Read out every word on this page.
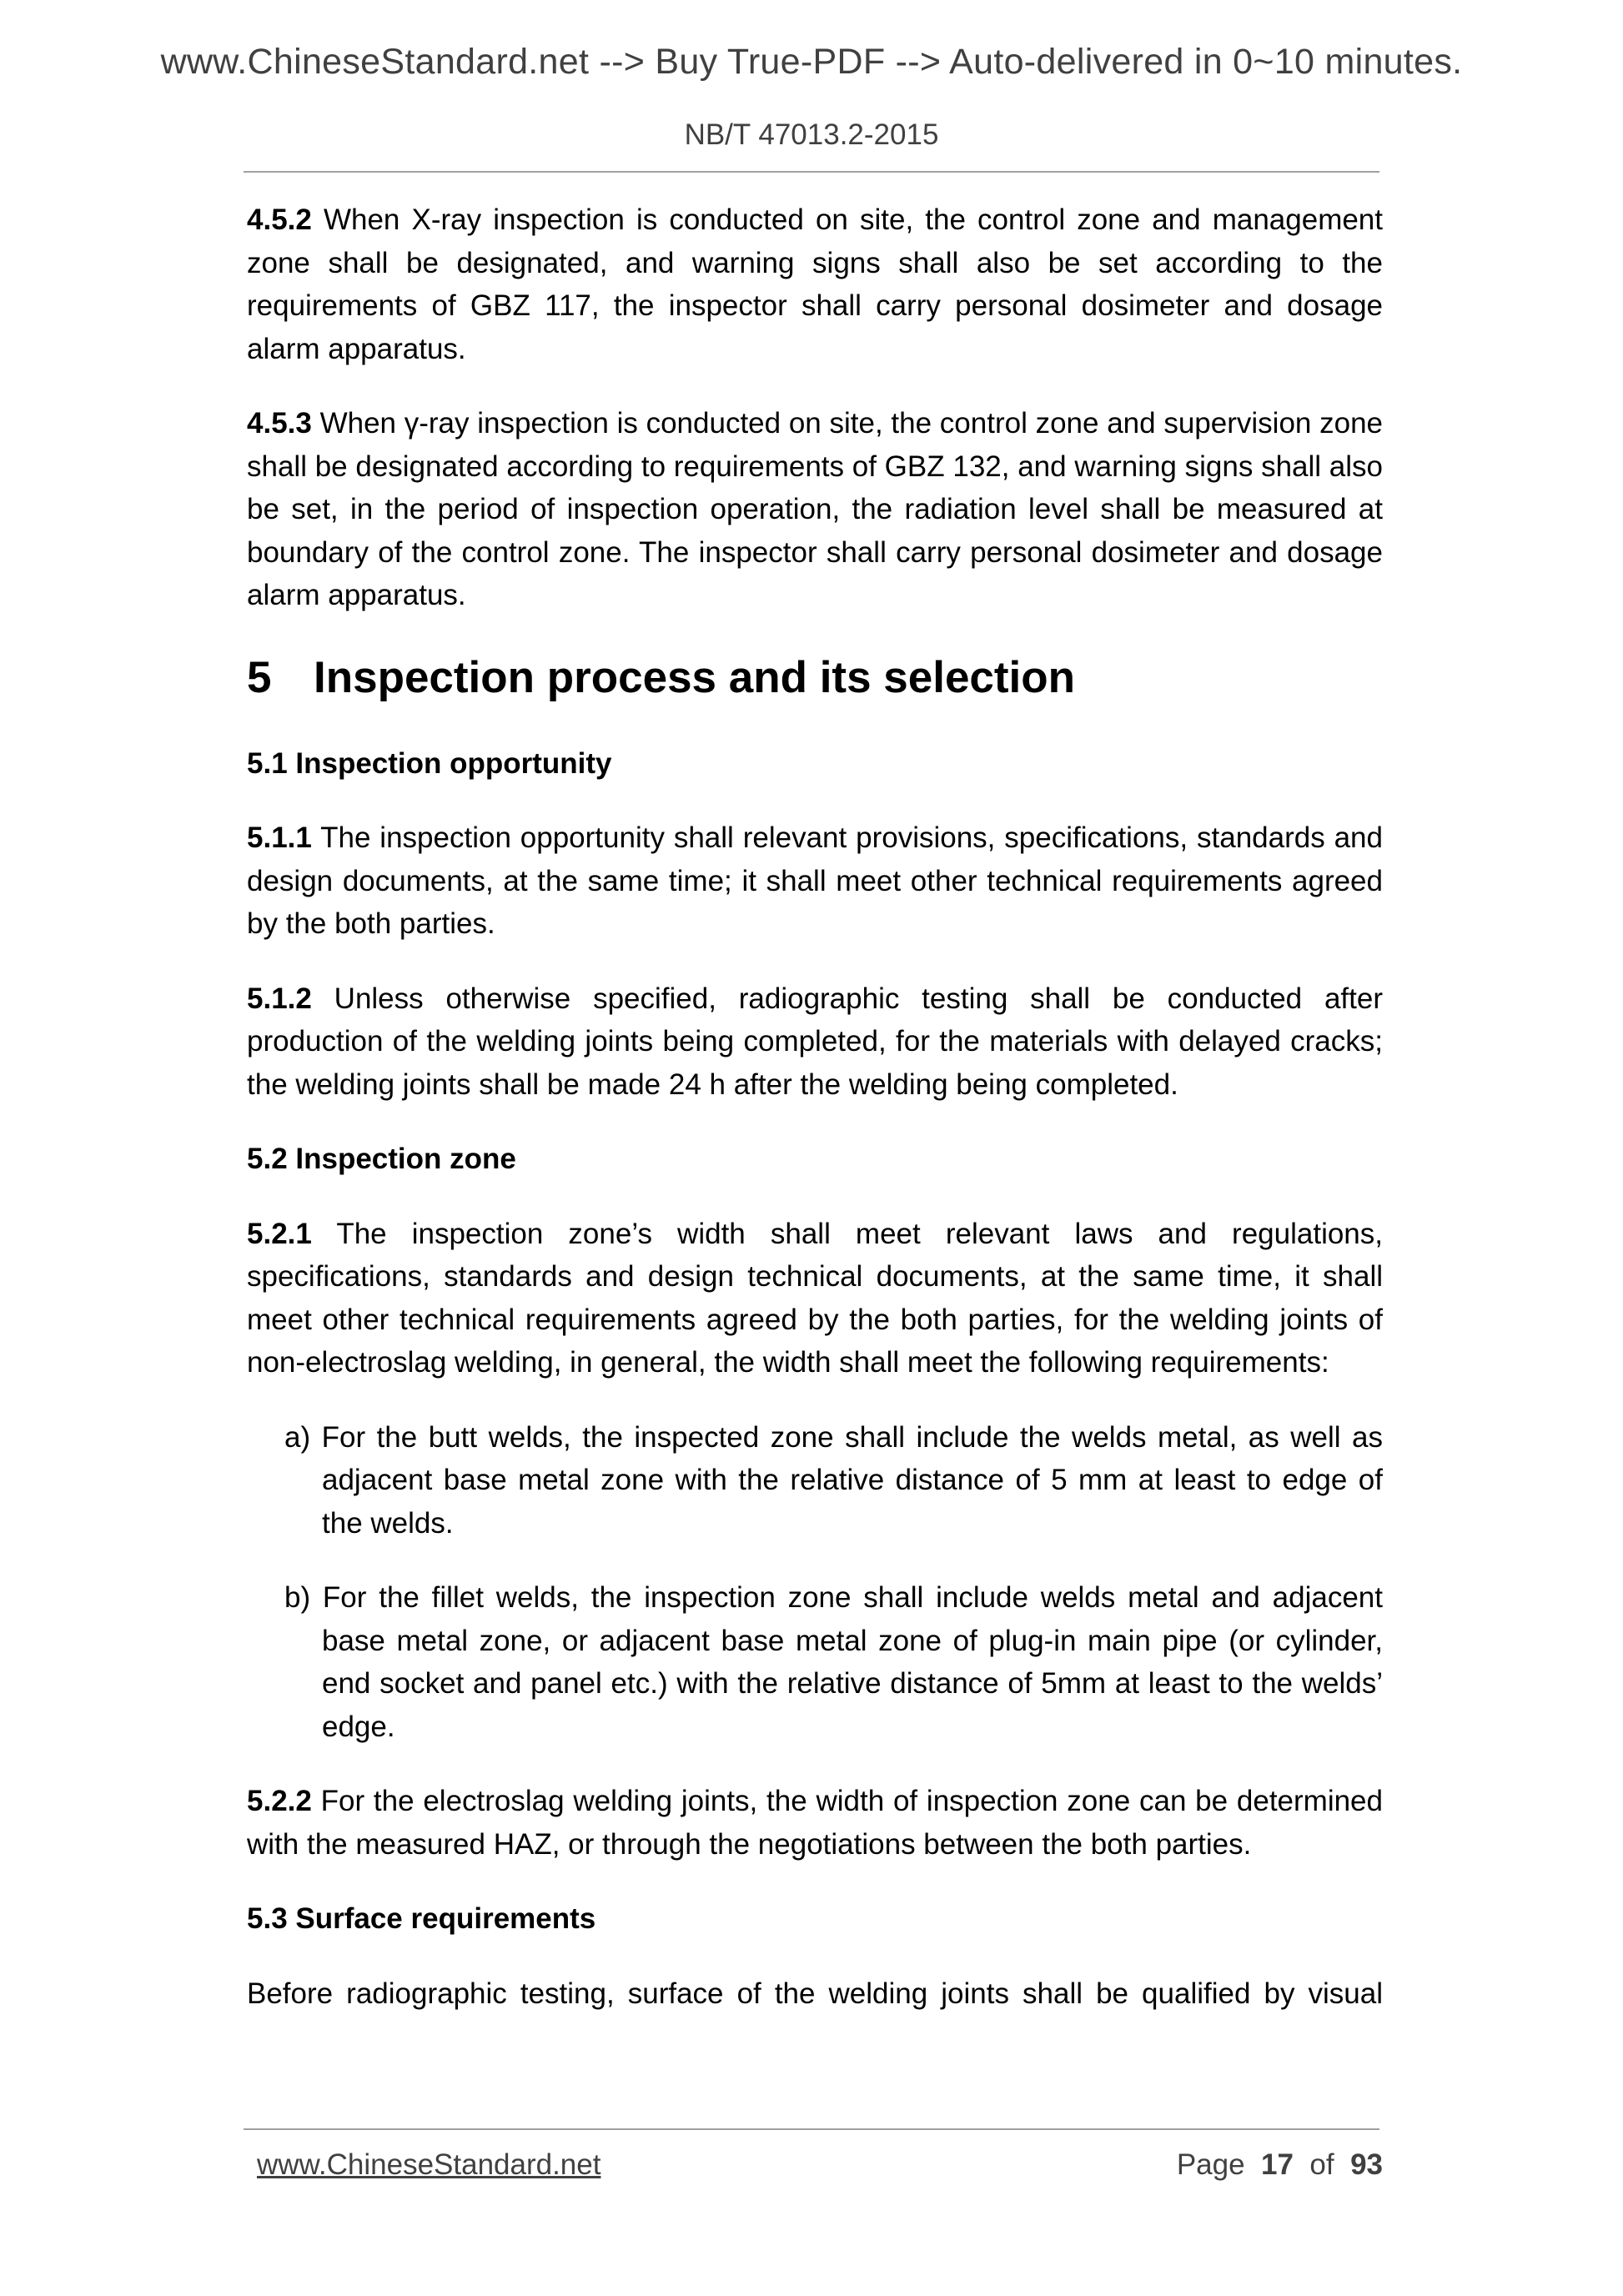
www.ChineseStandard.net --> Buy True-PDF --> Auto-delivered in 0~10 minutes.
NB/T 47013.2-2015

4.5.2 When X-ray inspection is conducted on site, the control zone and management zone shall be designated, and warning signs shall also be set according to the requirements of GBZ 117, the inspector shall carry personal dosimeter and dosage alarm apparatus.

4.5.3 When γ-ray inspection is conducted on site, the control zone and supervision zone shall be designated according to requirements of GBZ 132, and warning signs shall also be set, in the period of inspection operation, the radiation level shall be measured at boundary of the control zone. The inspector shall carry personal dosimeter and dosage alarm apparatus.

5 Inspection process and its selection
5.1 Inspection opportunity

5.1.1 The inspection opportunity shall relevant provisions, specifications, standards and design documents, at the same time; it shall meet other technical requirements agreed by the both parties.

5.1.2 Unless otherwise specified, radiographic testing shall be conducted after production of the welding joints being completed, for the materials with delayed cracks; the welding joints shall be made 24 h after the welding being completed.

5.2 Inspection zone

5.2.1 The inspection zone’s width shall meet relevant laws and regulations, specifications, standards and design technical documents, at the same time, it shall meet other technical requirements agreed by the both parties, for the welding joints of non-electroslag welding, in general, the width shall meet the following requirements:

a) For the butt welds, the inspected zone shall include the welds metal, as well as adjacent base metal zone with the relative distance of 5 mm at least to edge of the welds.

b) For the fillet welds, the inspection zone shall include welds metal and adjacent base metal zone, or adjacent base metal zone of plug-in main pipe (or cylinder, end socket and panel etc.) with the relative distance of 5mm at least to the welds’ edge.

5.2.2 For the electroslag welding joints, the width of inspection zone can be determined with the measured HAZ, or through the negotiations between the both parties.

5.3 Surface requirements

Before radiographic testing, surface of the welding joints shall be qualified by visual

www.ChineseStandard.net	Page 17 of 93
